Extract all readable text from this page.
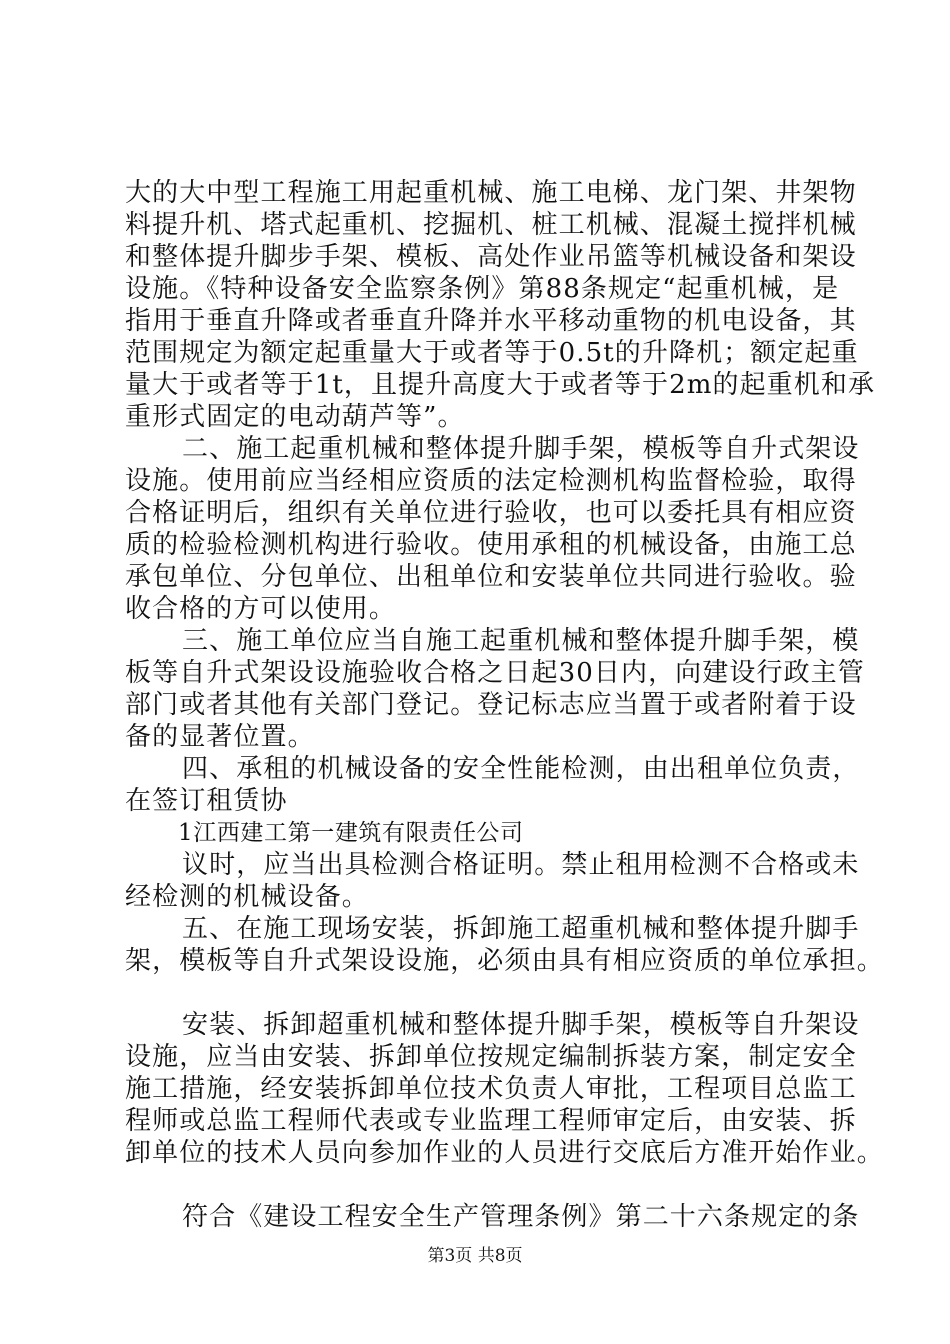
大的大中型工程施工用起重机械、施工电梯、龙门架、井架物
料提升机、塔式起重机、挖掘机、桩工机械、混凝土搅拌机械
和整体提升脚步手架、模板、高处作业吊篮等机械设备和架设
设施。《特种设备安全监察条例》第88条规定“起重机械，是
指用于垂直升降或者垂直升降并水平移动重物的机电设备，其
范围规定为额定起重量大于或者等于0.5t的升降机；额定起重
量大于或者等于1t，且提升高度大于或者等于2m的起重机和承
重形式固定的电动葫芦等”。
二、施工起重机械和整体提升脚手架，模板等自升式架设
设施。使用前应当经相应资质的法定检测机构监督检验，取得
合格证明后，组织有关单位进行验收，也可以委托具有相应资
质的检验检测机构进行验收。使用承租的机械设备，由施工总
承包单位、分包单位、出租单位和安装单位共同进行验收。验
收合格的方可以使用。
三、施工单位应当自施工起重机械和整体提升脚手架，模
板等自升式架设设施验收合格之日起30日内，向建设行政主管
部门或者其他有关部门登记。登记标志应当置于或者附着于设
备的显著位置。
四、承租的机械设备的安全性能检测，由出租单位负责，
在签订租赁协
1江西建工第一建筑有限责任公司
议时，应当出具检测合格证明。禁止租用检测不合格或未
经检测的机械设备。
五、在施工现场安装，拆卸施工超重机械和整体提升脚手
架，模板等自升式架设设施，必须由具有相应资质的单位承担。
安装、拆卸超重机械和整体提升脚手架，模板等自升架设
设施，应当由安装、拆卸单位按规定编制拆装方案，制定安全
施工措施，经安装拆卸单位技术负责人审批，工程项目总监工
程师或总监工程师代表或专业监理工程师审定后，由安装、拆
卸单位的技术人员向参加作业的人员进行交底后方准开始作业。
符合《建设工程安全生产管理条例》第二十六条规定的条
第3页 共8页
